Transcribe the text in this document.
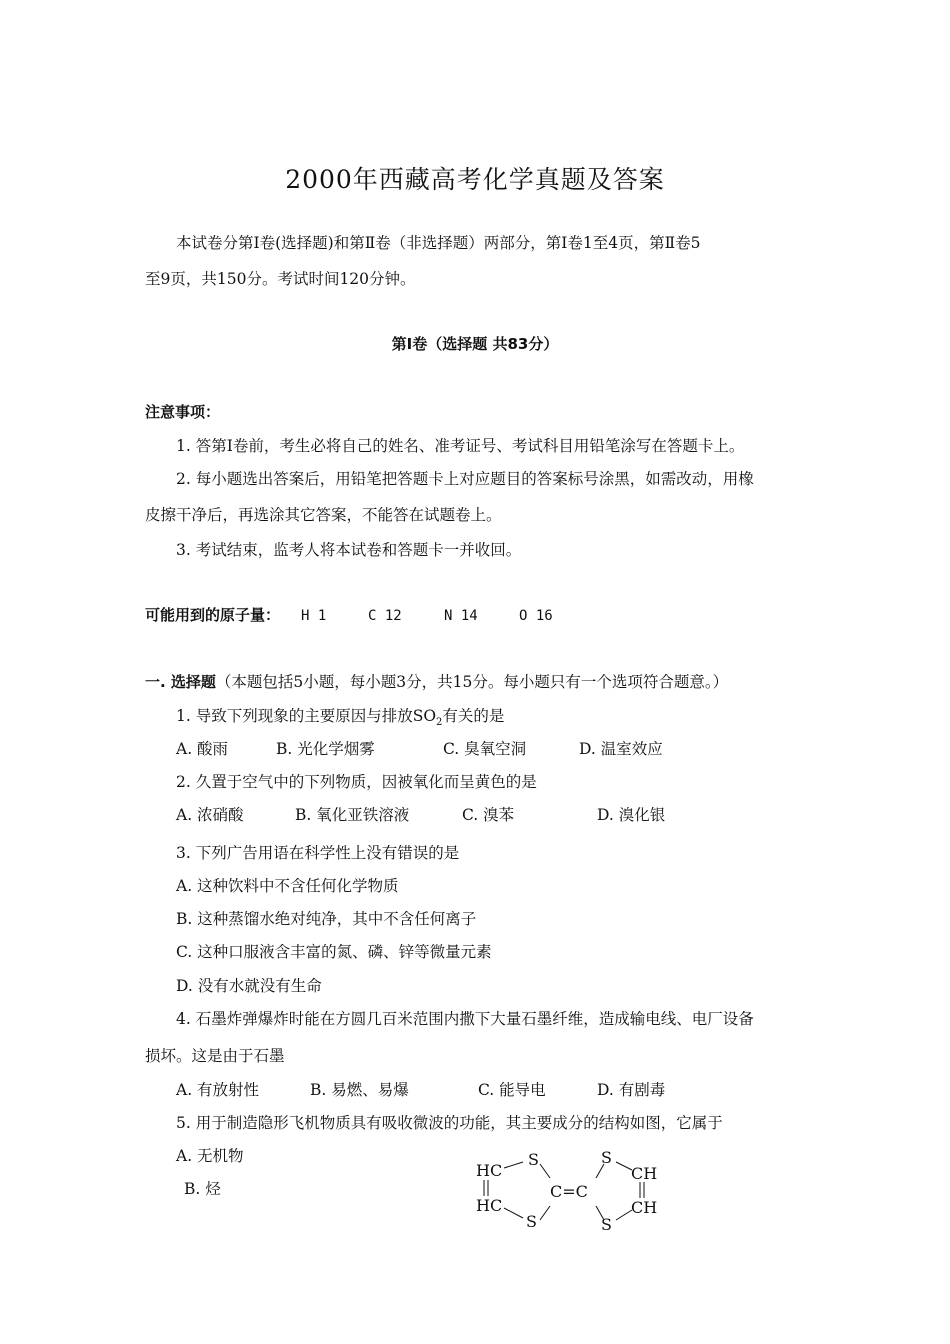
2000年西藏高考化学真题及答案
本试卷分第Ⅰ卷(选择题)和第Ⅱ卷（非选择题）两部分，第Ⅰ卷1至4页，第Ⅱ卷5
至9页，共150分。考试时间120分钟。
第Ⅰ卷（选择题 共83分）
注意事项：
1. 答第Ⅰ卷前，考生必将自己的姓名、准考证号、考试科目用铅笔涂写在答题卡上。
2. 每小题选出答案后，用铅笔把答题卡上对应题目的答案标号涂黑，如需改动，用橡
皮擦干净后，再选涂其它答案，不能答在试题卷上。
3. 考试结束，监考人将本试卷和答题卡一并收回。
可能用到的原子量： H 1	C 12	N 14	O 16
一. 选择题（本题包括5小题，每小题3分，共15分。每小题只有一个选项符合题意。）
1. 导致下列现象的主要原因与排放$SO_2$有关的是
A. 酸雨	B. 光化学烟雾	C. 臭氧空洞	D. 温室效应
2. 久置于空气中的下列物质，因被氧化而呈黄色的是
A. 浓硝酸	B. 氧化亚铁溶液	C. 溴苯	D. 溴化银
3. 下列广告用语在科学性上没有错误的是
A. 这种饮料中不含任何化学物质
B. 这种蒸馏水绝对纯净，其中不含任何离子
C. 这种口服液含丰富的氮、磷、锌等微量元素
D. 没有水就没有生命
4. 石墨炸弹爆炸时能在方圆几百米范围内撒下大量石墨纤维，造成输电线、电厂设备
损坏。这是由于石墨
A. 有放射性	B. 易燃、易爆	C. 能导电	D. 有剧毒
5. 用于制造隐形飞机物质具有吸收微波的功能，其主要成分的结构如图，它属于
A. 无机物
B. 烃
HC
HC
S
S
C=C
S
S
CH
CH
